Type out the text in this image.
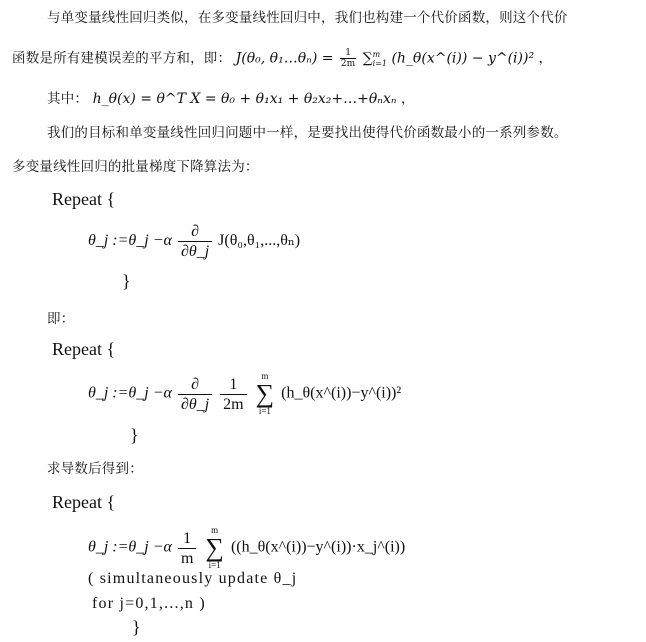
与单变量线性回归类似，在多变量线性回归中，我们也构建一个代价函数，则这个代价
函数是所有建模误差的平方和，即： J(θ₀, θ₁…θₙ) = $\frac{1}{2m}$ ∑ m
i=1 (h_θ(x^(i)) − y^(i))² ，
其中： h_θ(x) = θ^T X = θ₀ + θ₁x₁ + θ₂x₂+…+θₙxₙ ，
我们的目标和单变量线性回归问题中一样，是要找出使得代价函数最小的一系列参数。
多变量线性回归的批量梯度下降算法为：
Repeat {
θ_j :=θ_j $-\alpha \frac{\partial}{\partial\theta\_j} J(\theta_0,\theta_1,...,\theta_n)$
}
即：
Repeat {
θ_j :=θ_j $-\alpha \frac{\partial}{\partial\theta\_j}$
$\frac{1}{2m}$
	m
∑
i=1
(h_θ(x^(i))−y^(i))²
}
求导数后得到：
Repeat {
θ_j :=θ_j $-\alpha \frac{1}{m}$
	m
∑
i=1
((h_θ(x^(i))−y^(i))·x_j^(i))
( simultaneously update θ_j
for j=0,1,...,n )
}
